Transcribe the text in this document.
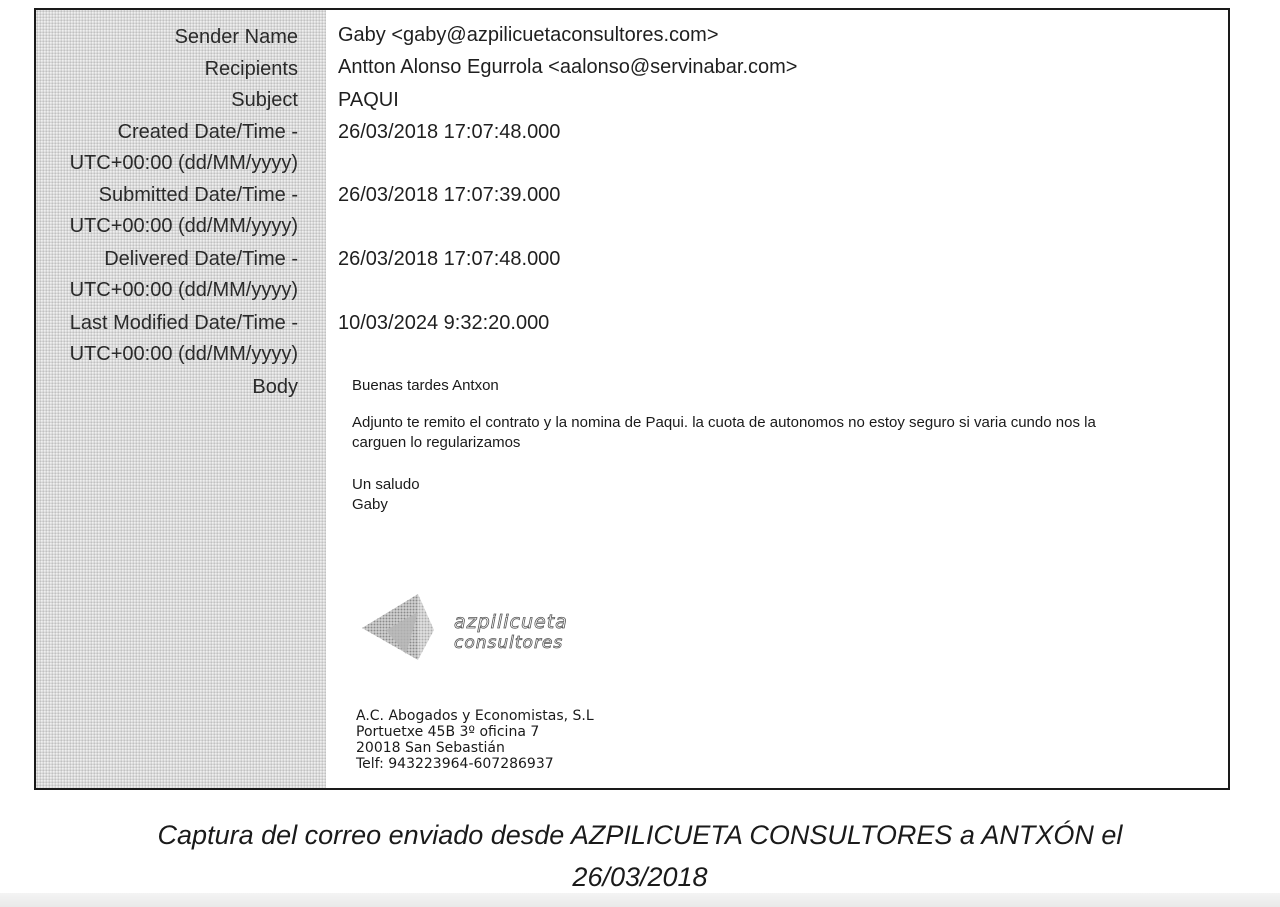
Sender Name
Recipients
Subject
Created Date/Time -
UTC+00:00 (dd/MM/yyyy)
Submitted Date/Time -
UTC+00:00 (dd/MM/yyyy)
Delivered Date/Time -
UTC+00:00 (dd/MM/yyyy)
Last Modified Date/Time -
UTC+00:00 (dd/MM/yyyy)
Body
Gaby <gaby@azpilicuetaconsultores.com>
Antton Alonso Egurrola <aalonso@servinabar.com>
PAQUI
26/03/2018 17:07:48.000
26/03/2018 17:07:39.000
26/03/2018 17:07:48.000
10/03/2024 9:32:20.000

Buenas tardes Antxon

Adjunto te remito el contrato y la nomina de Paqui. la cuota de autonomos no estoy seguro si varia cundo nos la

carguen lo regularizamos

Un saludo

Gaby

azpilicueta
consultores
A.C. Abogados y Economistas, S.L
Portuetxe 45B 3º oficina 7
20018 San Sebastián
Telf: 943223964-607286937
Captura del correo enviado desde AZPILICUETA CONSULTORES a ANTXÓN el
26/03/2018
